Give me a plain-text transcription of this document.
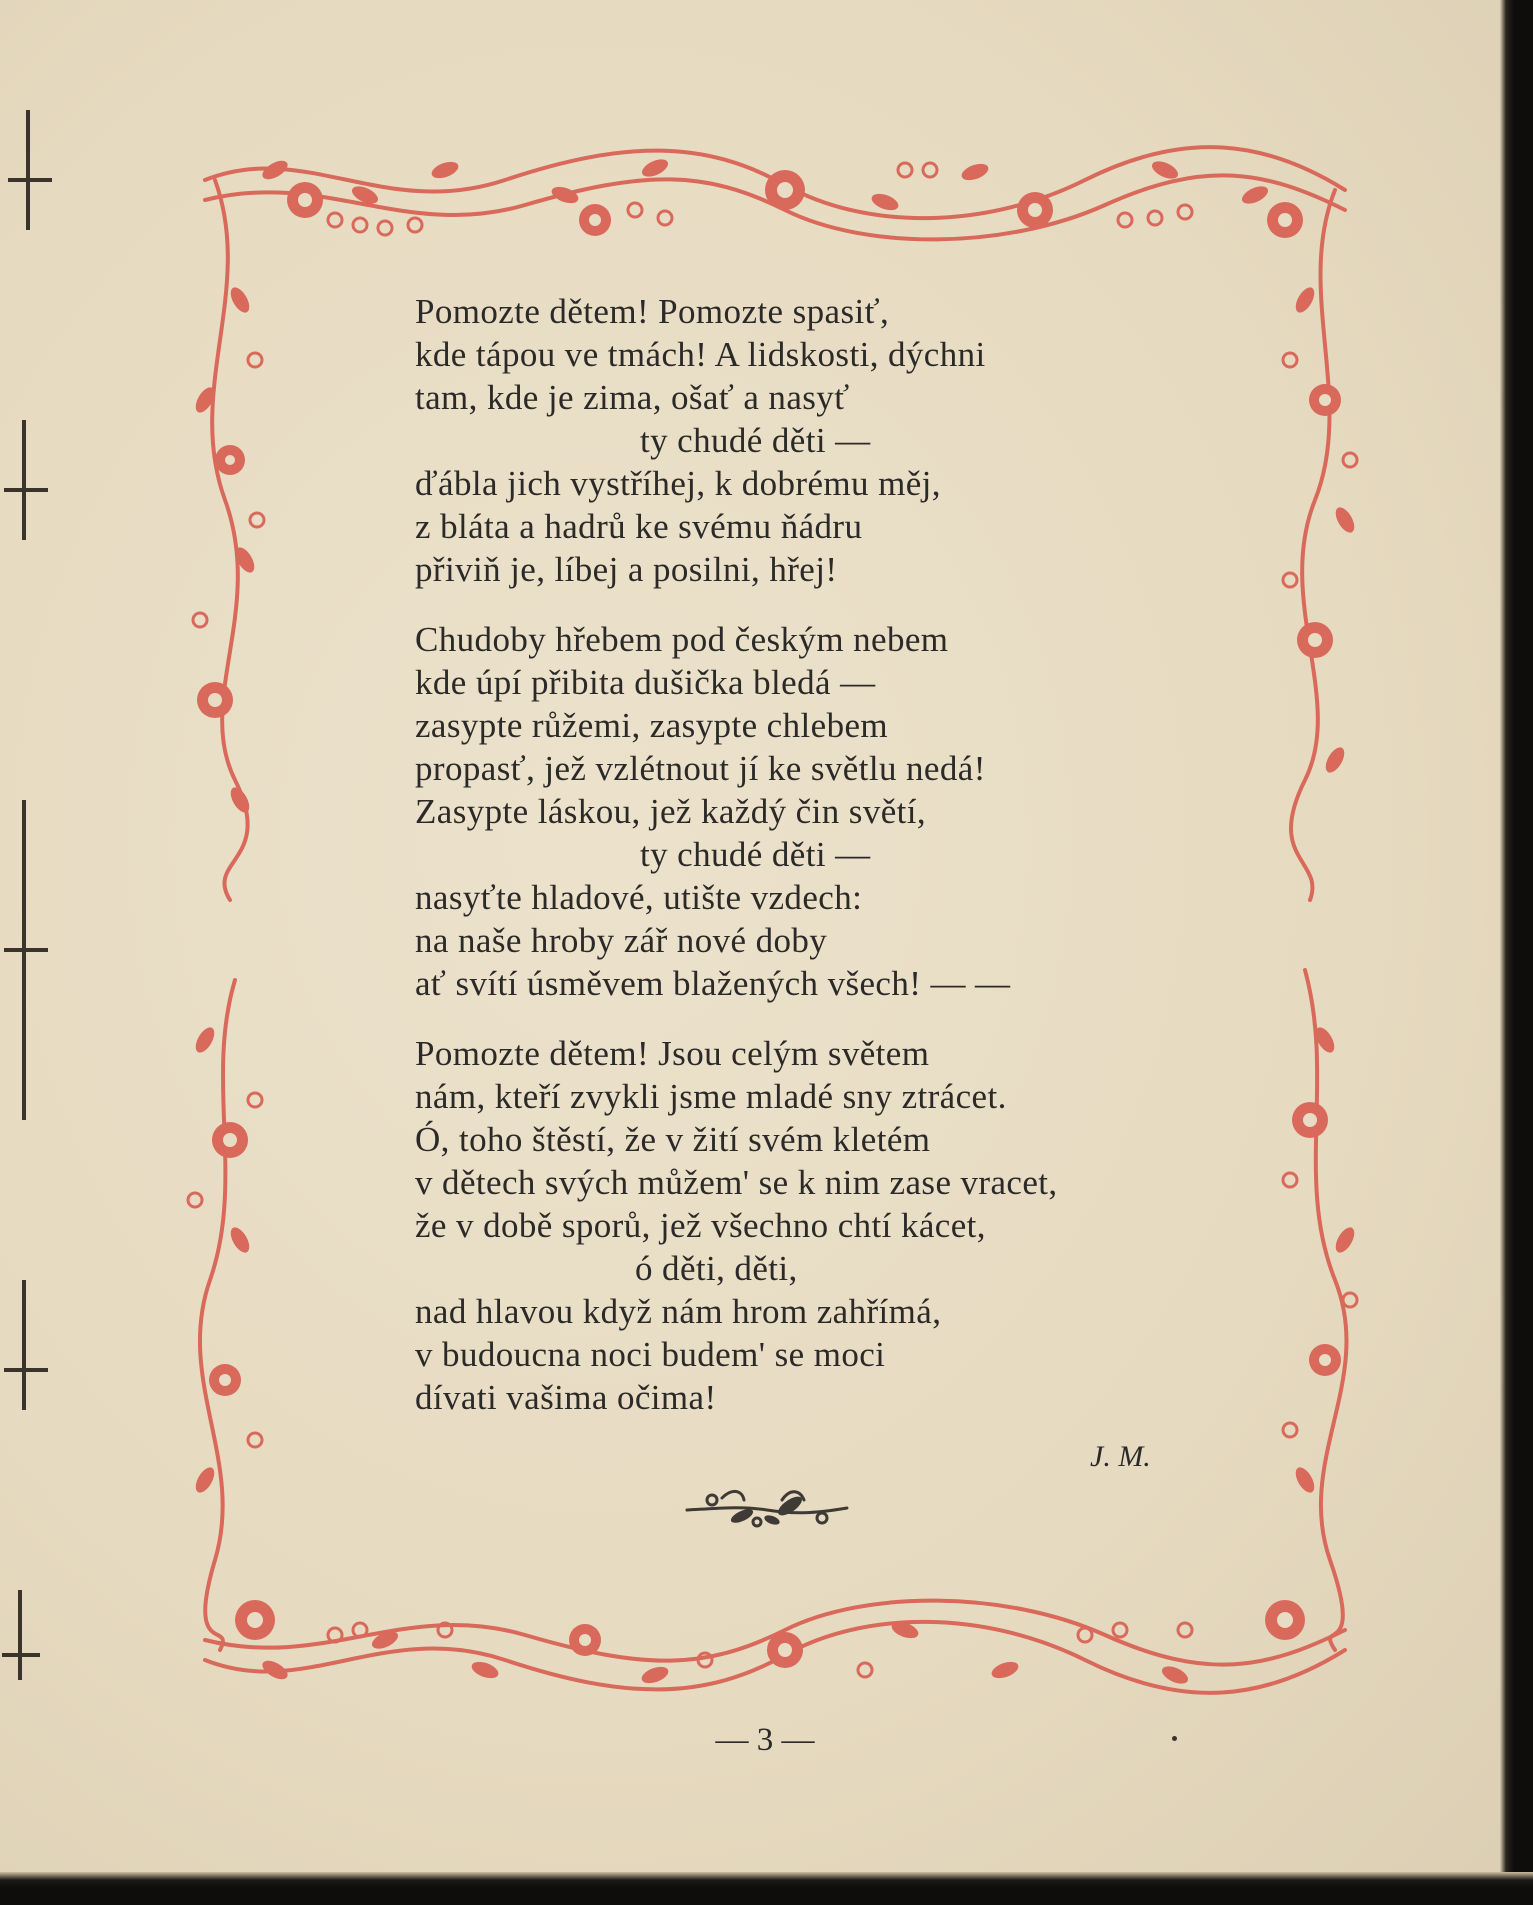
Pomozte dětem! Pomozte spasiť,
kde tápou ve tmách! A lidskosti, dýchni
tam, kde je zima, ošať a nasyť
ty chudé děti —
ďábla jich vystříhej, k dobrému měj,
z bláta a hadrů ke svému ňádru
přiviň je, líbej a posilni, hřej!
Chudoby hřebem pod českým nebem
kde úpí přibita dušička bledá —
zasypte růžemi, zasypte chlebem
propasť, jež vzlétnout jí ke světlu nedá!
Zasypte láskou, jež každý čin světí,
ty chudé děti —
nasyťte hladové, utište vzdech:
na naše hroby zář nové doby
ať svítí úsměvem blažených všech! — —
Pomozte dětem! Jsou celým světem
nám, kteří zvykli jsme mladé sny ztrácet.
Ó, toho štěstí, že v žití svém kletém
v dětech svých můžem' se k nim zase vracet,
že v době sporů, jež všechno chtí kácet,
ó děti, děti,
nad hlavou když nám hrom zahřímá,
v budoucna noci budem' se moci
dívati vašima očima!
J. M.
— 3 —
